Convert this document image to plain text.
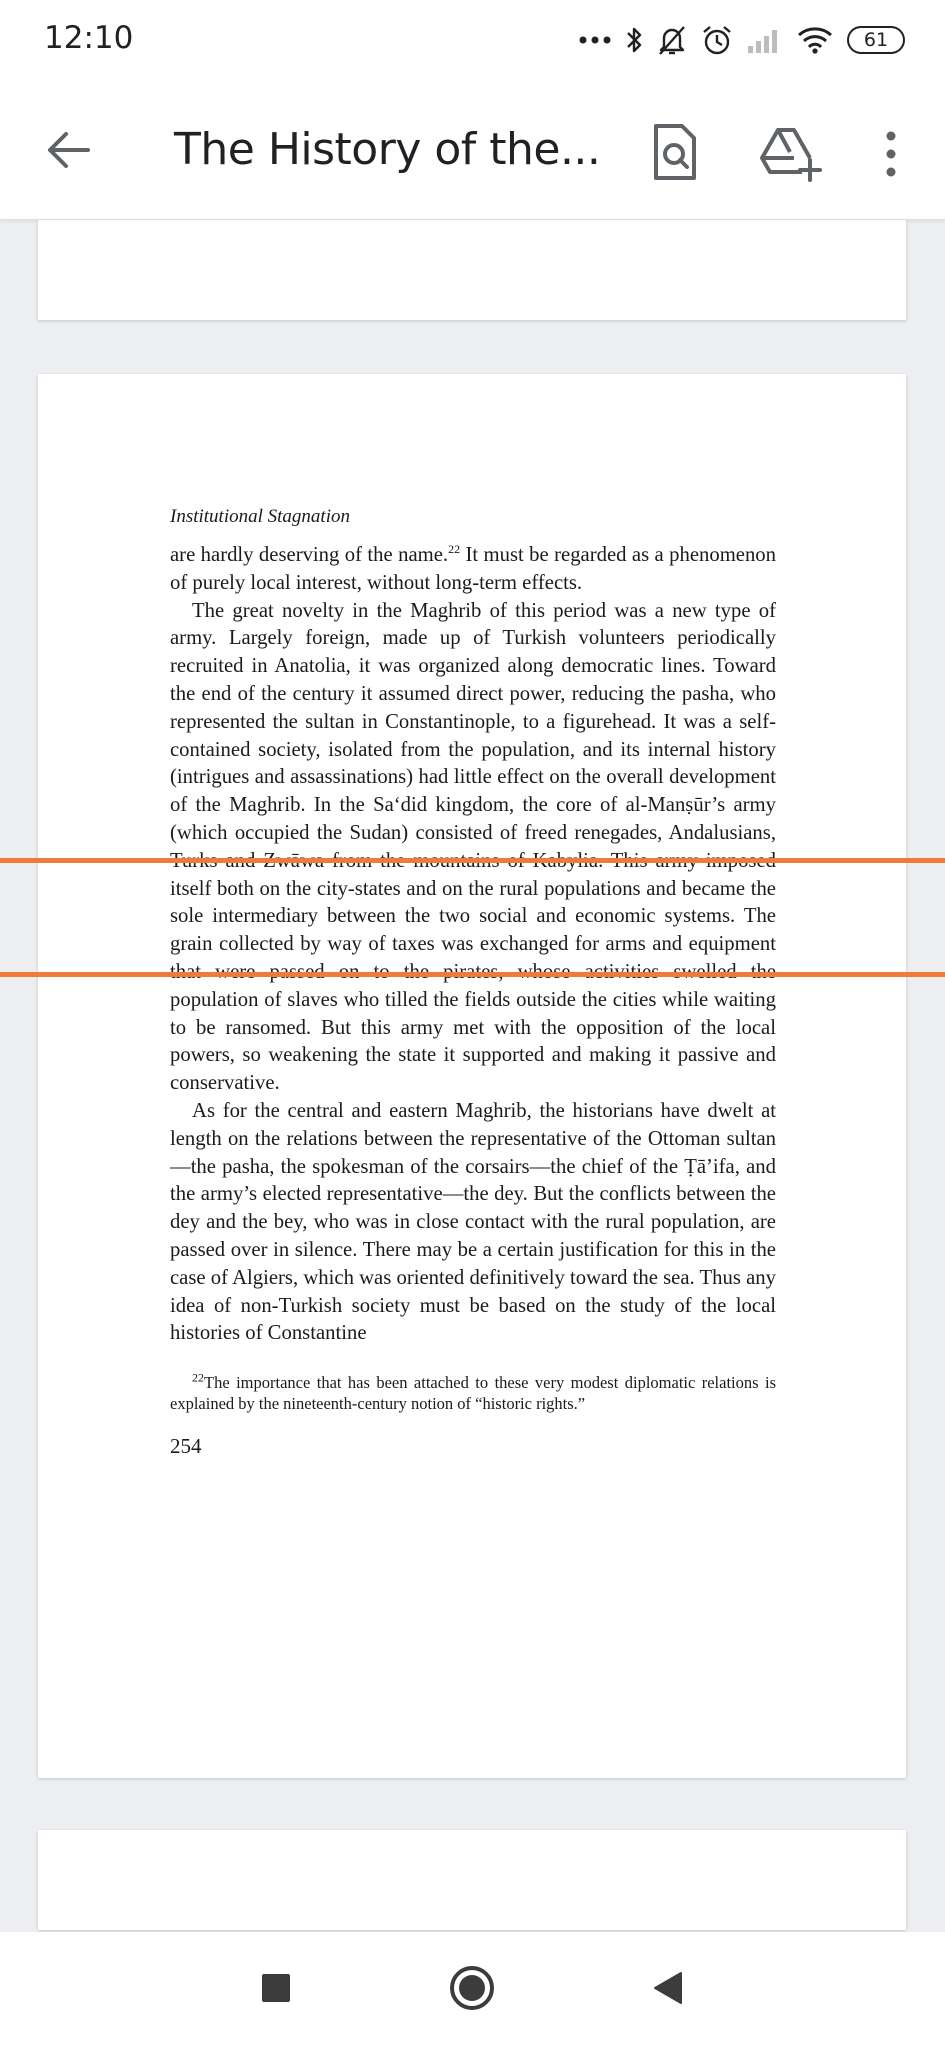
12:10	61
The History of the...
Institutional Stagnation

are hardly deserving of the name.$^{22}$ It must be regarded as a phenomenon of purely local interest, without long-term effects.

The great novelty in the Maghrib of this period was a new type of army. Largely foreign, made up of Turkish volunteers periodically recruited in Anatolia, it was organized along democratic lines. Toward the end of the century it assumed direct power, reducing the pasha, who represented the sultan in Constantinople, to a figurehead. It was a self-contained society, isolated from the population, and its internal history (intrigues and assassinations) had little effect on the overall development of the Maghrib. In the Sa‘did kingdom, the core of al-Manṣūr’s army (which occupied the Sudan) consisted of freed renegades, Andalusians, itself both on the city-states and on the rural populations and became the sole intermediary between the two social and economic systems. The grain collected by way of taxes was exchanged for arms and equipment population of slaves who tilled the fields outside the cities while waiting to be ransomed. But this army met with the opposition of the local powers, so weakening the state it supported and making it passive and conservative.

As for the central and eastern Maghrib, the historians have dwelt at length on the relations between the representative of the Ottoman sultan—the pasha, the spokesman of the corsairs—the chief of the Ṭā’ifa, and the army’s elected representative—the dey. But the conflicts between the dey and the bey, who was in close contact with the rural population, are passed over in silence. There may be a certain justification for this in the case of Algiers, which was oriented definitively toward the sea. Thus any idea of non-Turkish society must be based on the study of the local histories of Constantine

$^{22}$The importance that has been attached to these very modest diplomatic relations is explained by the nineteenth-century notion of “historic rights.”
254
